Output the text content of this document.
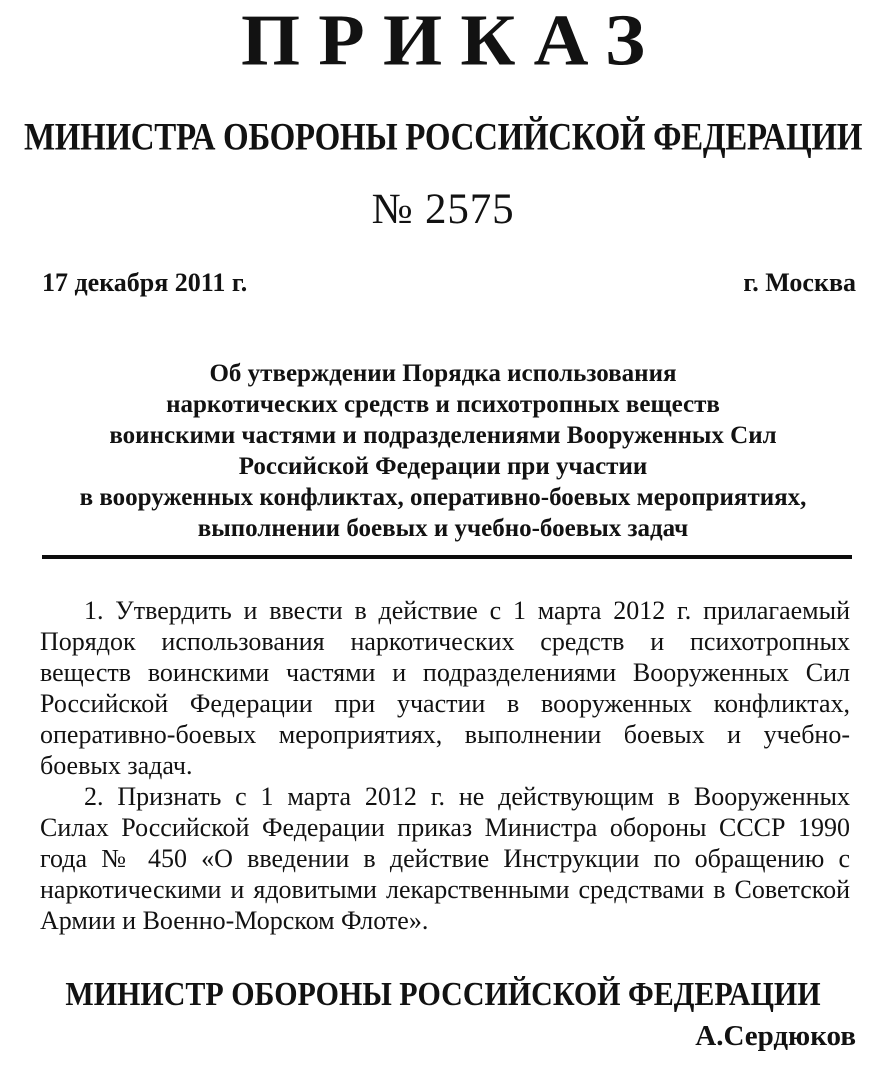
ПРИКАЗ
МИНИСТРА ОБОРОНЫ РОССИЙСКОЙ ФЕДЕРАЦИИ
№ 2575
17 декабря 2011 г.	г. Москва
Об утверждении Порядка использования
наркотических средств и психотропных веществ
воинскими частями и подразделениями Вооруженных Сил
Российской Федерации при участии
в вооруженных конфликтах, оперативно-боевых мероприятиях,
выполнении боевых и учебно-боевых задач

1. Утвердить и ввести в действие с 1 марта 2012 г. прилагаемый Порядок использования наркотических средств и психотропных веществ воинскими частями и подразделениями Вооруженных Сил Российской Федерации при участии в вооруженных конфликтах, оперативно-боевых мероприятиях, выполнении боевых и учебно-боевых задач.

2. Признать с 1 марта 2012 г. не действующим в Вооруженных Силах Российской Федерации приказ Министра обороны СССР 1990 года № 450 «О введении в действие Инструкции по обращению с наркотическими и ядовитыми лекарственными средствами в Советской Армии и Военно-Морском Флоте».

МИНИСТР ОБОРОНЫ РОССИЙСКОЙ ФЕДЕРАЦИИ
А.Сердюков
